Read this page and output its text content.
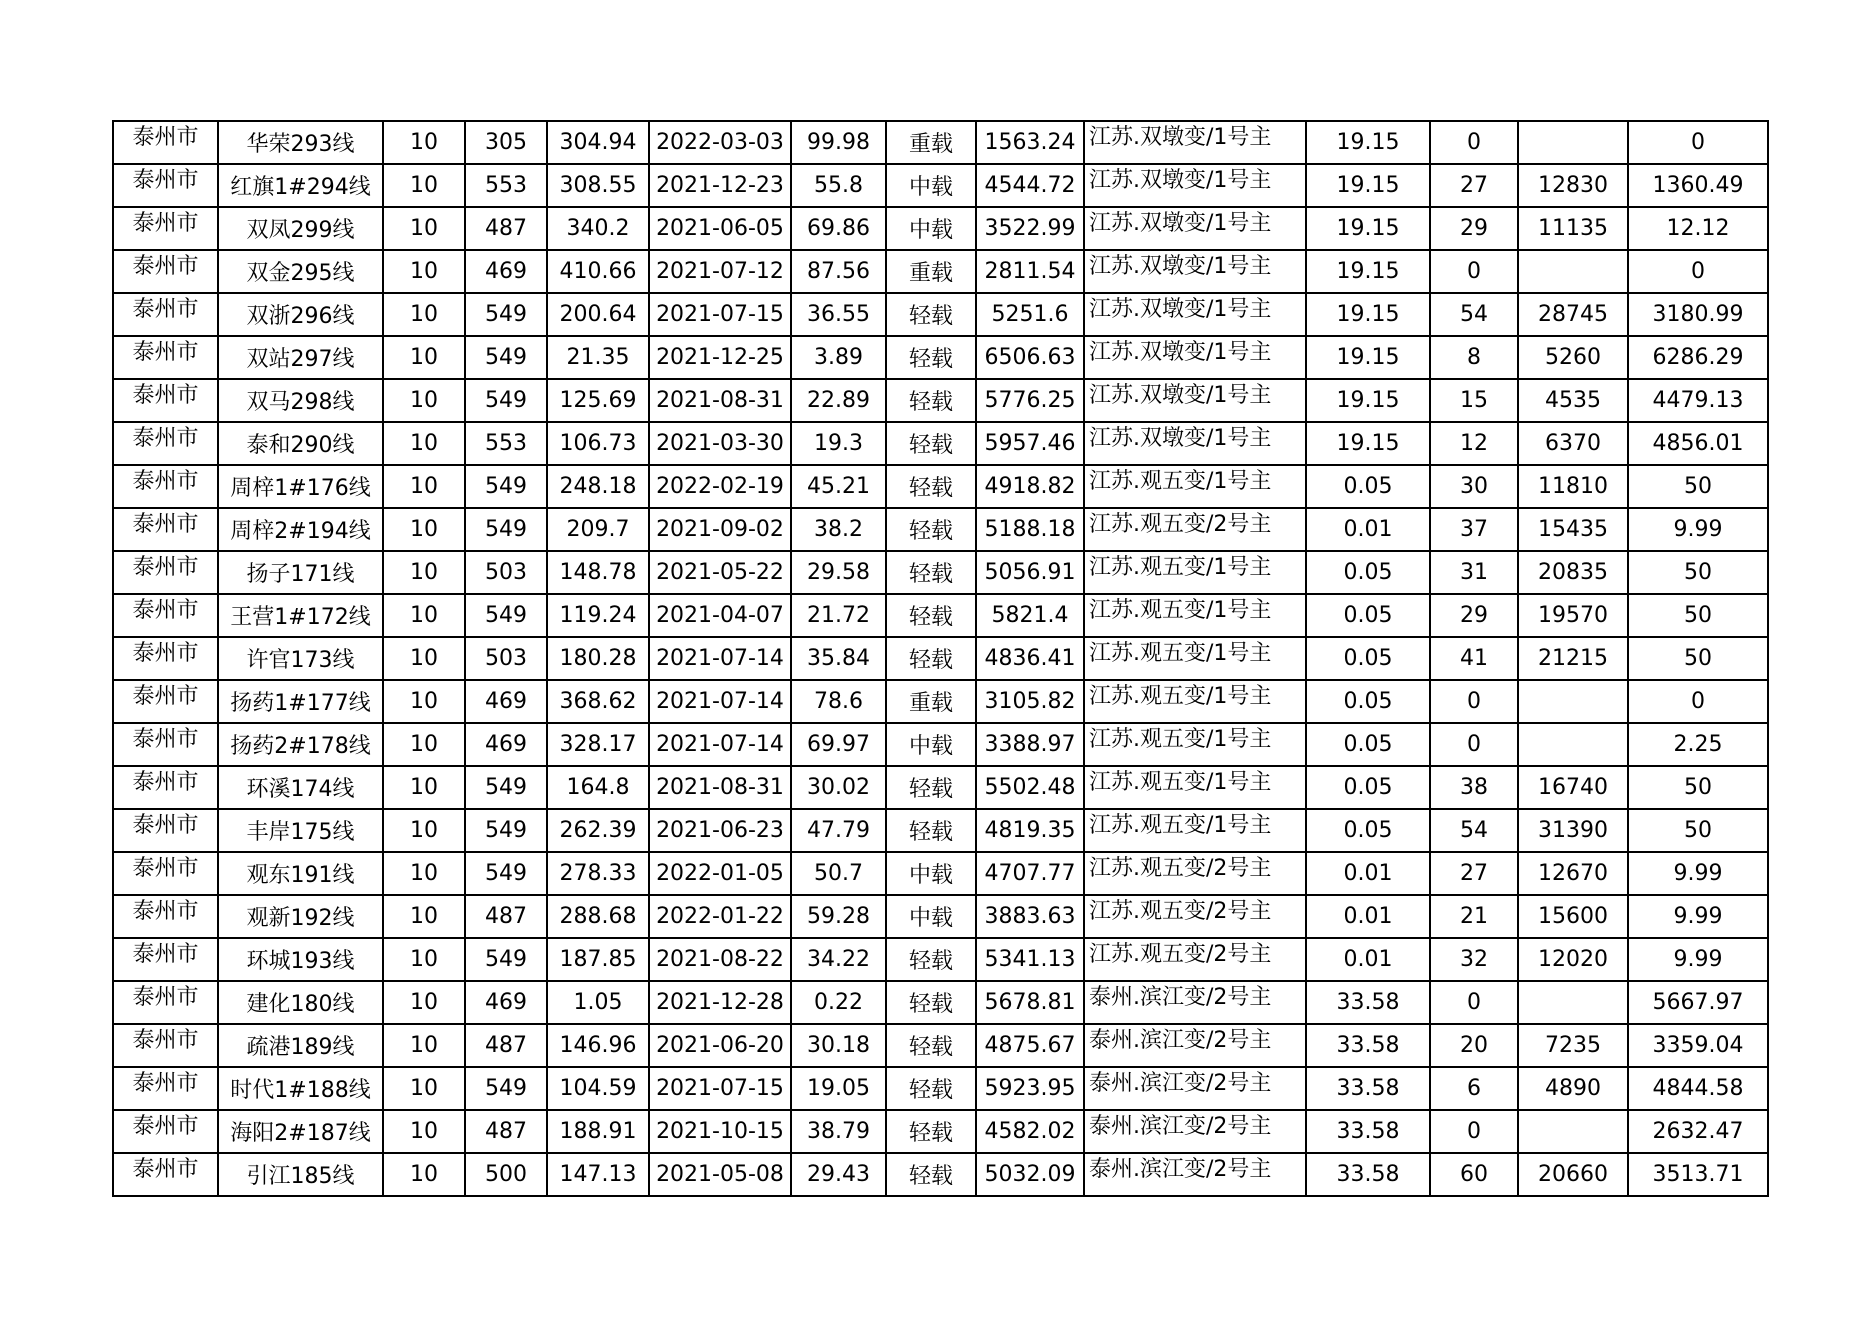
泰州市	华荣293线	10	305	304.94	2022-03-03	99.98	重载	1563.24	江苏.双墩变/1号主	19.15	0		0
泰州市	红旗1#294线	10	553	308.55	2021-12-23	55.8	中载	4544.72	江苏.双墩变/1号主	19.15	27	12830	1360.49
泰州市	双凤299线	10	487	340.2	2021-06-05	69.86	中载	3522.99	江苏.双墩变/1号主	19.15	29	11135	12.12
泰州市	双金295线	10	469	410.66	2021-07-12	87.56	重载	2811.54	江苏.双墩变/1号主	19.15	0		0
泰州市	双浙296线	10	549	200.64	2021-07-15	36.55	轻载	5251.6	江苏.双墩变/1号主	19.15	54	28745	3180.99
泰州市	双站297线	10	549	21.35	2021-12-25	3.89	轻载	6506.63	江苏.双墩变/1号主	19.15	8	5260	6286.29
泰州市	双马298线	10	549	125.69	2021-08-31	22.89	轻载	5776.25	江苏.双墩变/1号主	19.15	15	4535	4479.13
泰州市	泰和290线	10	553	106.73	2021-03-30	19.3	轻载	5957.46	江苏.双墩变/1号主	19.15	12	6370	4856.01
泰州市	周梓1#176线	10	549	248.18	2022-02-19	45.21	轻载	4918.82	江苏.观五变/1号主	0.05	30	11810	50
泰州市	周梓2#194线	10	549	209.7	2021-09-02	38.2	轻载	5188.18	江苏.观五变/2号主	0.01	37	15435	9.99
泰州市	扬子171线	10	503	148.78	2021-05-22	29.58	轻载	5056.91	江苏.观五变/1号主	0.05	31	20835	50
泰州市	王营1#172线	10	549	119.24	2021-04-07	21.72	轻载	5821.4	江苏.观五变/1号主	0.05	29	19570	50
泰州市	许官173线	10	503	180.28	2021-07-14	35.84	轻载	4836.41	江苏.观五变/1号主	0.05	41	21215	50
泰州市	扬药1#177线	10	469	368.62	2021-07-14	78.6	重载	3105.82	江苏.观五变/1号主	0.05	0		0
泰州市	扬药2#178线	10	469	328.17	2021-07-14	69.97	中载	3388.97	江苏.观五变/1号主	0.05	0		2.25
泰州市	环溪174线	10	549	164.8	2021-08-31	30.02	轻载	5502.48	江苏.观五变/1号主	0.05	38	16740	50
泰州市	丰岸175线	10	549	262.39	2021-06-23	47.79	轻载	4819.35	江苏.观五变/1号主	0.05	54	31390	50
泰州市	观东191线	10	549	278.33	2022-01-05	50.7	中载	4707.77	江苏.观五变/2号主	0.01	27	12670	9.99
泰州市	观新192线	10	487	288.68	2022-01-22	59.28	中载	3883.63	江苏.观五变/2号主	0.01	21	15600	9.99
泰州市	环城193线	10	549	187.85	2021-08-22	34.22	轻载	5341.13	江苏.观五变/2号主	0.01	32	12020	9.99
泰州市	建化180线	10	469	1.05	2021-12-28	0.22	轻载	5678.81	泰州.滨江变/2号主	33.58	0		5667.97
泰州市	疏港189线	10	487	146.96	2021-06-20	30.18	轻载	4875.67	泰州.滨江变/2号主	33.58	20	7235	3359.04
泰州市	时代1#188线	10	549	104.59	2021-07-15	19.05	轻载	5923.95	泰州.滨江变/2号主	33.58	6	4890	4844.58
泰州市	海阳2#187线	10	487	188.91	2021-10-15	38.79	轻载	4582.02	泰州.滨江变/2号主	33.58	0		2632.47
泰州市	引江185线	10	500	147.13	2021-05-08	29.43	轻载	5032.09	泰州.滨江变/2号主	33.58	60	20660	3513.71
